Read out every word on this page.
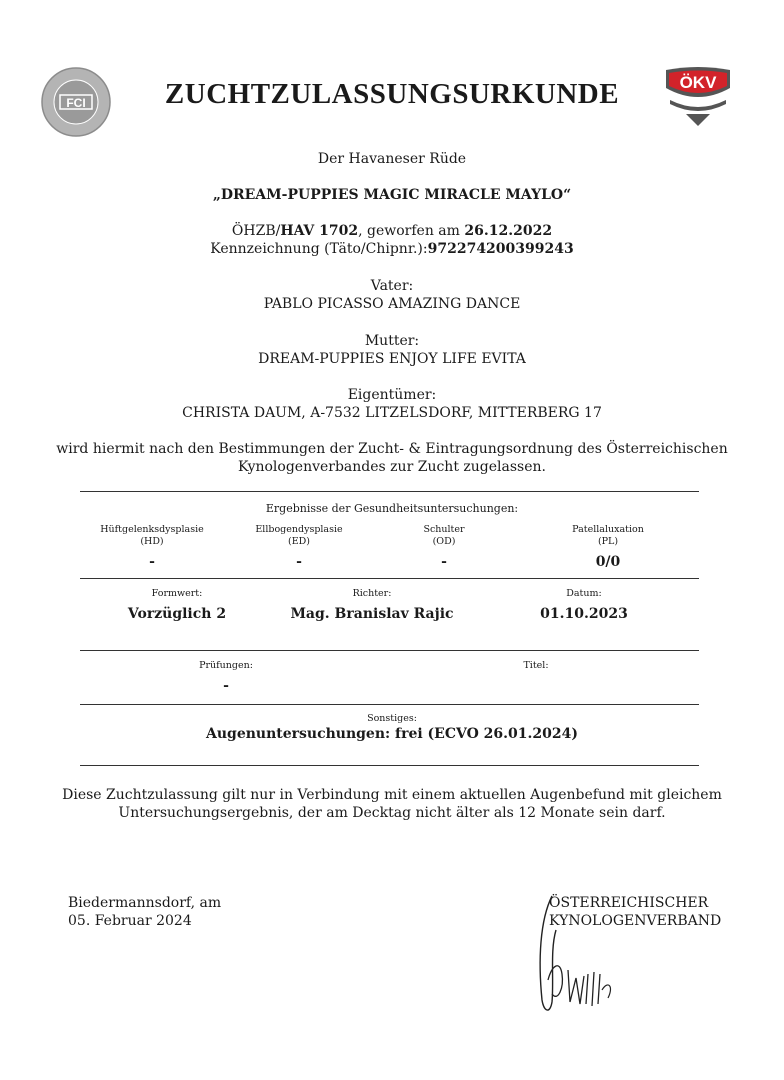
FCI
ÖKV
ZUCHTZULASSUNGSURKUNDE
Der Havaneser Rüde
„DREAM-PUPPIES MAGIC MIRACLE MAYLO“
ÖHZB/HAV 1702, geworfen am 26.12.2022
Kennzeichnung (Täto/Chipnr.):972274200399243
Vater:
PABLO PICASSO AMAZING DANCE
Mutter:
DREAM-PUPPIES ENJOY LIFE EVITA
Eigentümer:
CHRISTA DAUM, A-7532 LITZELSDORF, MITTERBERG 17
wird hiermit nach den Bestimmungen der Zucht- & Eintragungsordnung des Österreichischen
Kynologenverbandes zur Zucht zugelassen.
Ergebnisse der Gesundheitsuntersuchungen:
Hüftgelenksdysplasie
(HD)
-
Ellbogendysplasie
(ED)
-
Schulter
(OD)
-
Patellaluxation
(PL)
0/0
Formwert:
Vorzüglich 2
Richter:
Mag. Branislav Rajic
Datum:
01.10.2023
Prüfungen:
-
Titel:
Sonstiges:
Augenuntersuchungen: frei (ECVO 26.01.2024)
Diese Zuchtzulassung gilt nur in Verbindung mit einem aktuellen Augenbefund mit gleichem
Untersuchungsergebnis, der am Decktag nicht älter als 12 Monate sein darf.
Biedermannsdorf, am
05. Februar 2024
ÖSTERREICHISCHER
KYNOLOGENVERBAND
